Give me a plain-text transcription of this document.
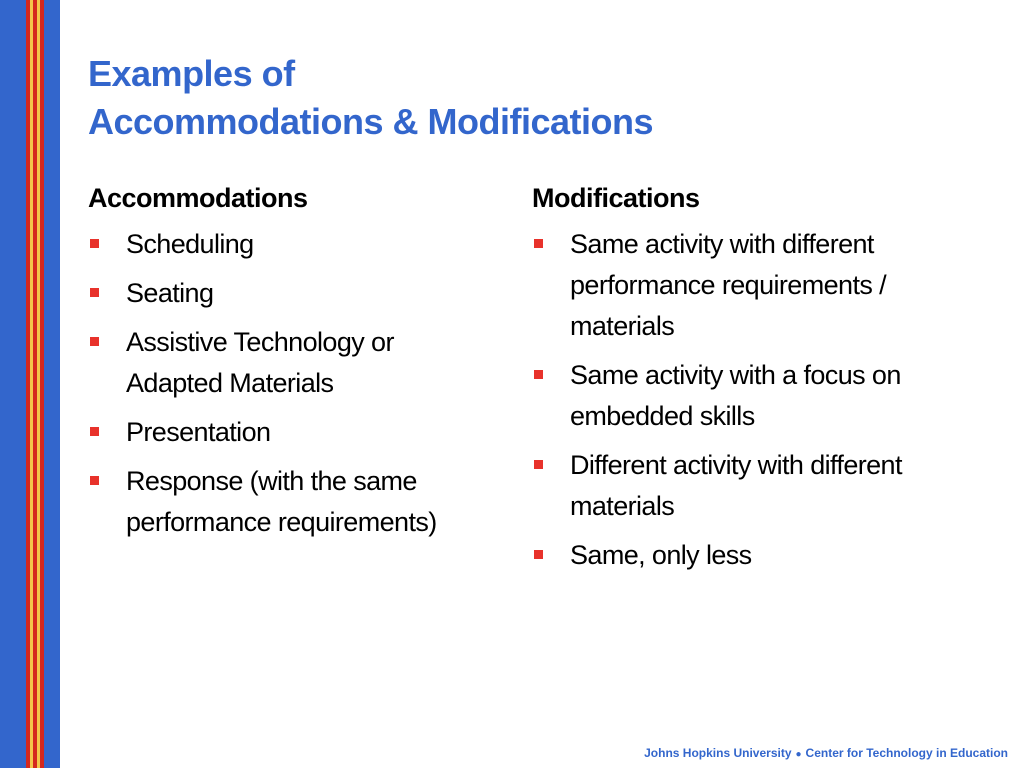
Examples of
Accommodations & Modifications
Accommodations
Scheduling
Seating
Assistive Technology or Adapted Materials
Presentation
Response (with the same performance requirements)
Modifications
Same activity with different performance requirements / materials
Same activity with a focus on embedded skills
Different activity with different materials
Same, only less
Johns Hopkins University ● Center for Technology in Education
